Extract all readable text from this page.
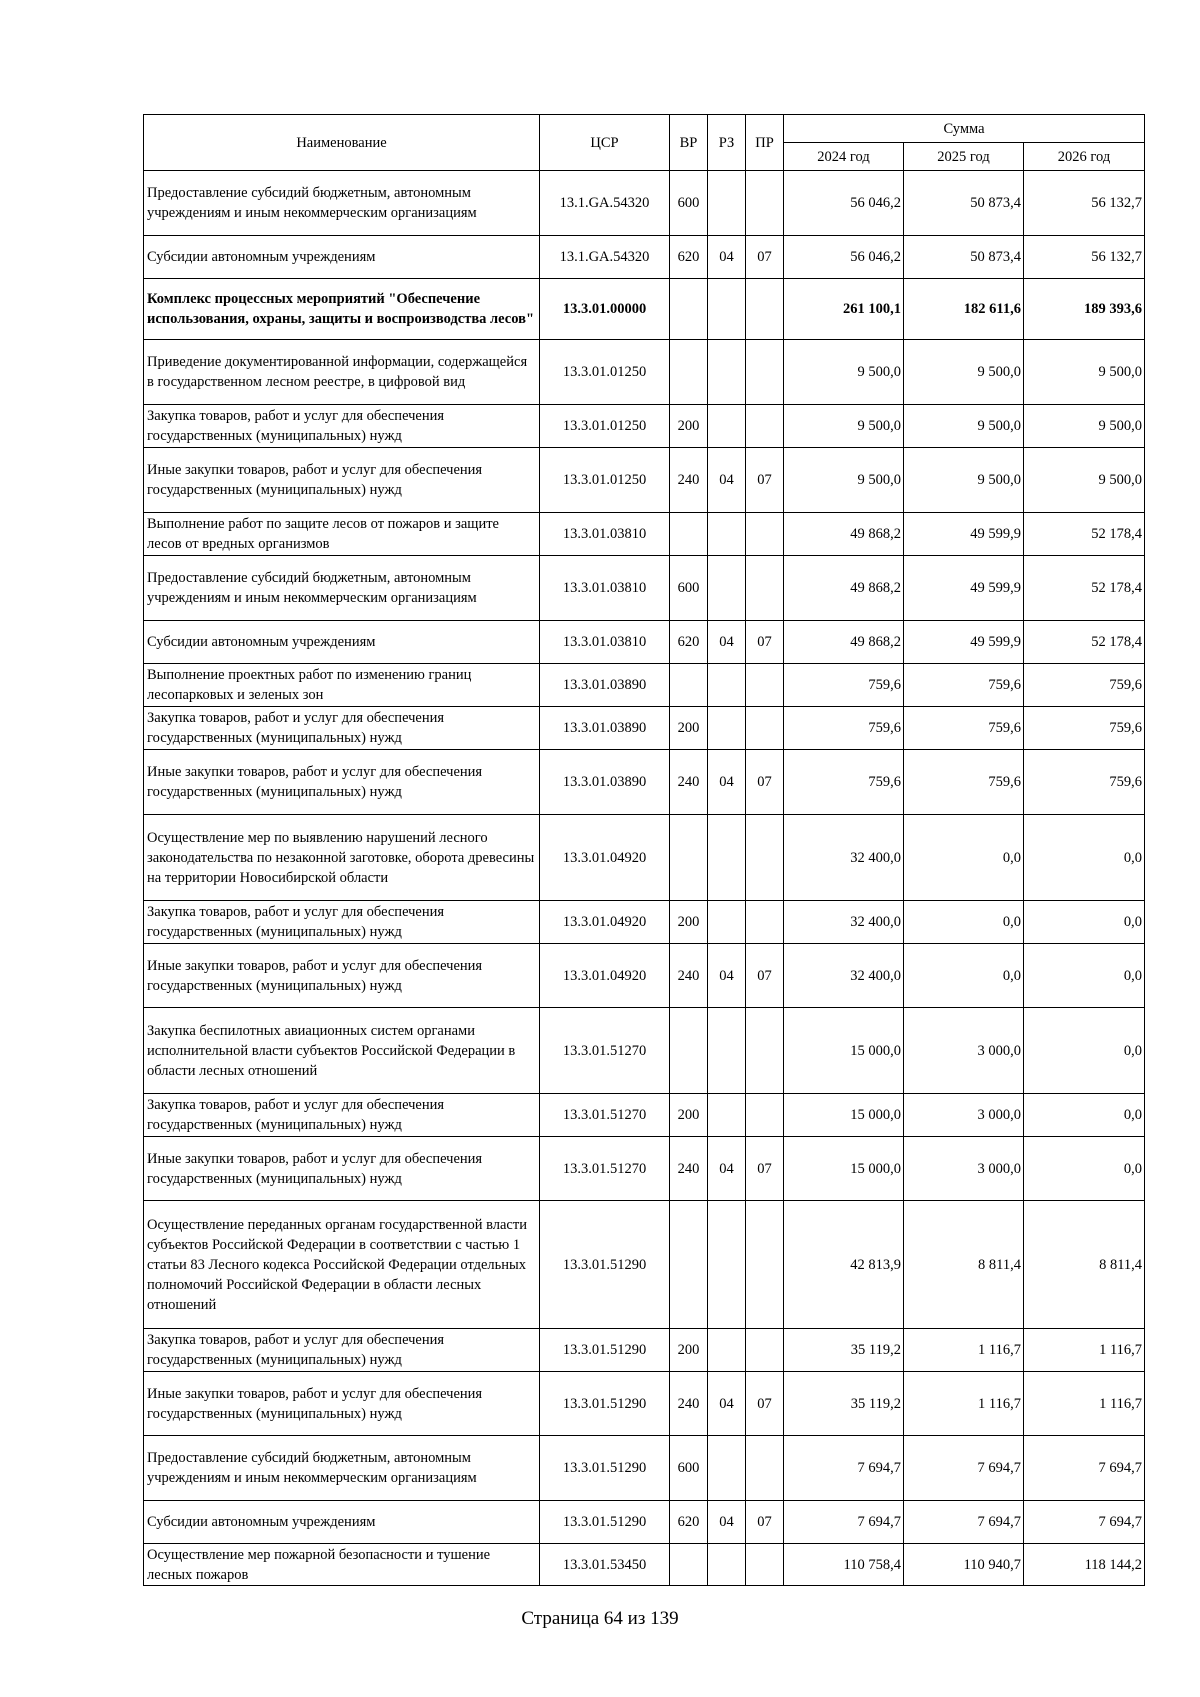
Наименование	ЦСР	ВР	РЗ	ПР	Сумма		
					2024 год	2025 год	2026 год
Предоставление субсидий бюджетным, автономным учреждениям и иным некоммерческим организациям	13.1.GA.54320	600			56 046,2	50 873,4	56 132,7
Субсидии автономным учреждениям	13.1.GA.54320	620	04	07	56 046,2	50 873,4	56 132,7
Комплекс процессных мероприятий "Обеспечение использования, охраны, защиты и воспроизводства лесов"	13.3.01.00000				261 100,1	182 611,6	189 393,6
Приведение документированной информации, содержащейся в государственном лесном реестре, в цифровой вид	13.3.01.01250				9 500,0	9 500,0	9 500,0
Закупка товаров, работ и услуг для обеспечения государственных (муниципальных) нужд	13.3.01.01250	200			9 500,0	9 500,0	9 500,0
Иные закупки товаров, работ и услуг для обеспечения государственных (муниципальных) нужд	13.3.01.01250	240	04	07	9 500,0	9 500,0	9 500,0
Выполнение работ по защите лесов от пожаров и защите лесов от вредных организмов	13.3.01.03810				49 868,2	49 599,9	52 178,4
Предоставление субсидий бюджетным, автономным учреждениям и иным некоммерческим организациям	13.3.01.03810	600			49 868,2	49 599,9	52 178,4
Субсидии автономным учреждениям	13.3.01.03810	620	04	07	49 868,2	49 599,9	52 178,4
Выполнение проектных работ по изменению границ лесопарковых и зеленых зон	13.3.01.03890				759,6	759,6	759,6
Закупка товаров, работ и услуг для обеспечения государственных (муниципальных) нужд	13.3.01.03890	200			759,6	759,6	759,6
Иные закупки товаров, работ и услуг для обеспечения государственных (муниципальных) нужд	13.3.01.03890	240	04	07	759,6	759,6	759,6
Осуществление мер по выявлению нарушений лесного законодательства по незаконной заготовке, оборота древесины на территории Новосибирской области	13.3.01.04920				32 400,0	0,0	0,0
Закупка товаров, работ и услуг для обеспечения государственных (муниципальных) нужд	13.3.01.04920	200			32 400,0	0,0	0,0
Иные закупки товаров, работ и услуг для обеспечения государственных (муниципальных) нужд	13.3.01.04920	240	04	07	32 400,0	0,0	0,0
Закупка беспилотных авиационных систем органами исполнительной власти субъектов Российской Федерации в области лесных отношений	13.3.01.51270				15 000,0	3 000,0	0,0
Закупка товаров, работ и услуг для обеспечения государственных (муниципальных) нужд	13.3.01.51270	200			15 000,0	3 000,0	0,0
Иные закупки товаров, работ и услуг для обеспечения государственных (муниципальных) нужд	13.3.01.51270	240	04	07	15 000,0	3 000,0	0,0
Осуществление переданных органам государственной власти субъектов Российской Федерации в соответствии с частью 1 статьи 83 Лесного кодекса Российской Федерации отдельных полномочий Российской Федерации в области лесных отношений	13.3.01.51290				42 813,9	8 811,4	8 811,4
Закупка товаров, работ и услуг для обеспечения государственных (муниципальных) нужд	13.3.01.51290	200			35 119,2	1 116,7	1 116,7
Иные закупки товаров, работ и услуг для обеспечения государственных (муниципальных) нужд	13.3.01.51290	240	04	07	35 119,2	1 116,7	1 116,7
Предоставление субсидий бюджетным, автономным учреждениям и иным некоммерческим организациям	13.3.01.51290	600			7 694,7	7 694,7	7 694,7
Субсидии автономным учреждениям	13.3.01.51290	620	04	07	7 694,7	7 694,7	7 694,7
Осуществление мер пожарной безопасности и тушение лесных пожаров	13.3.01.53450				110 758,4	110 940,7	118 144,2
Страница 64 из 139
